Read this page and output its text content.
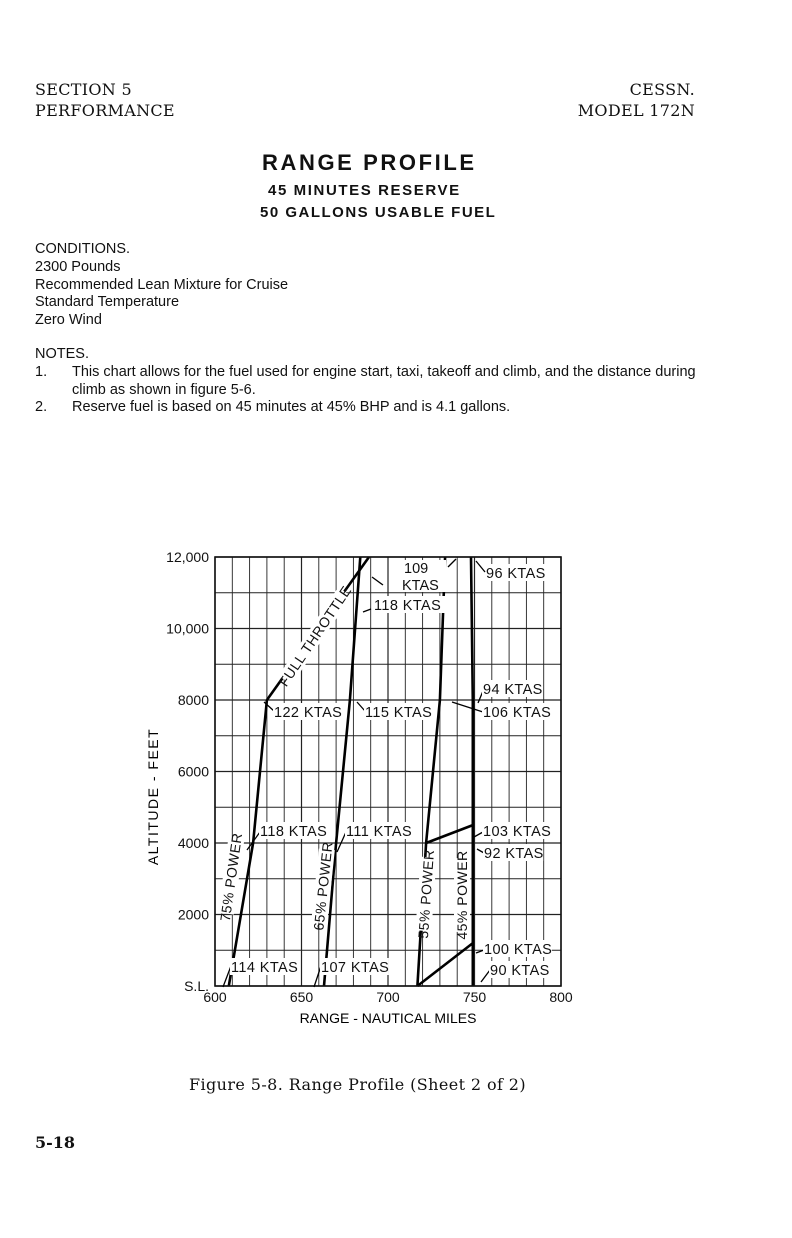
SECTION 5
PERFORMANCE
CESSN.
MODEL 172N
RANGE PROFILE
45 MINUTES RESERVE
50 GALLONS USABLE FUEL
CONDITIONS.
2300 Pounds
Recommended Lean Mixture for Cruise
Standard Temperature
Zero Wind
NOTES.
1. This chart allows for the fuel used for engine start, taxi, takeoff and climb, and the distance during climb as shown in figure 5-6.
2. Reserve fuel is based on 45 minutes at 45% BHP and is 4.1 gallons.
114 KTAS 107 KTAS
100 KTAS
90 KTAS
118 KTAS 111 KTAS	103 KTAS
92 KTAS
122 KTAS 115 KTAS
94 KTAS
106 KTAS
118 KTAS
109
KTAS
96 KTAS
75% POWER	65% POWER	55% POWER 45% POWER
FULL THROTTLE
600	650	700	750	800
S.L.
2000
4000
6000
8000
10,000
12,000
RANGE - NAUTICAL MILES
ALTITUDE - FEET
Figure 5-8. Range Profile (Sheet 2 of 2)
5-18
